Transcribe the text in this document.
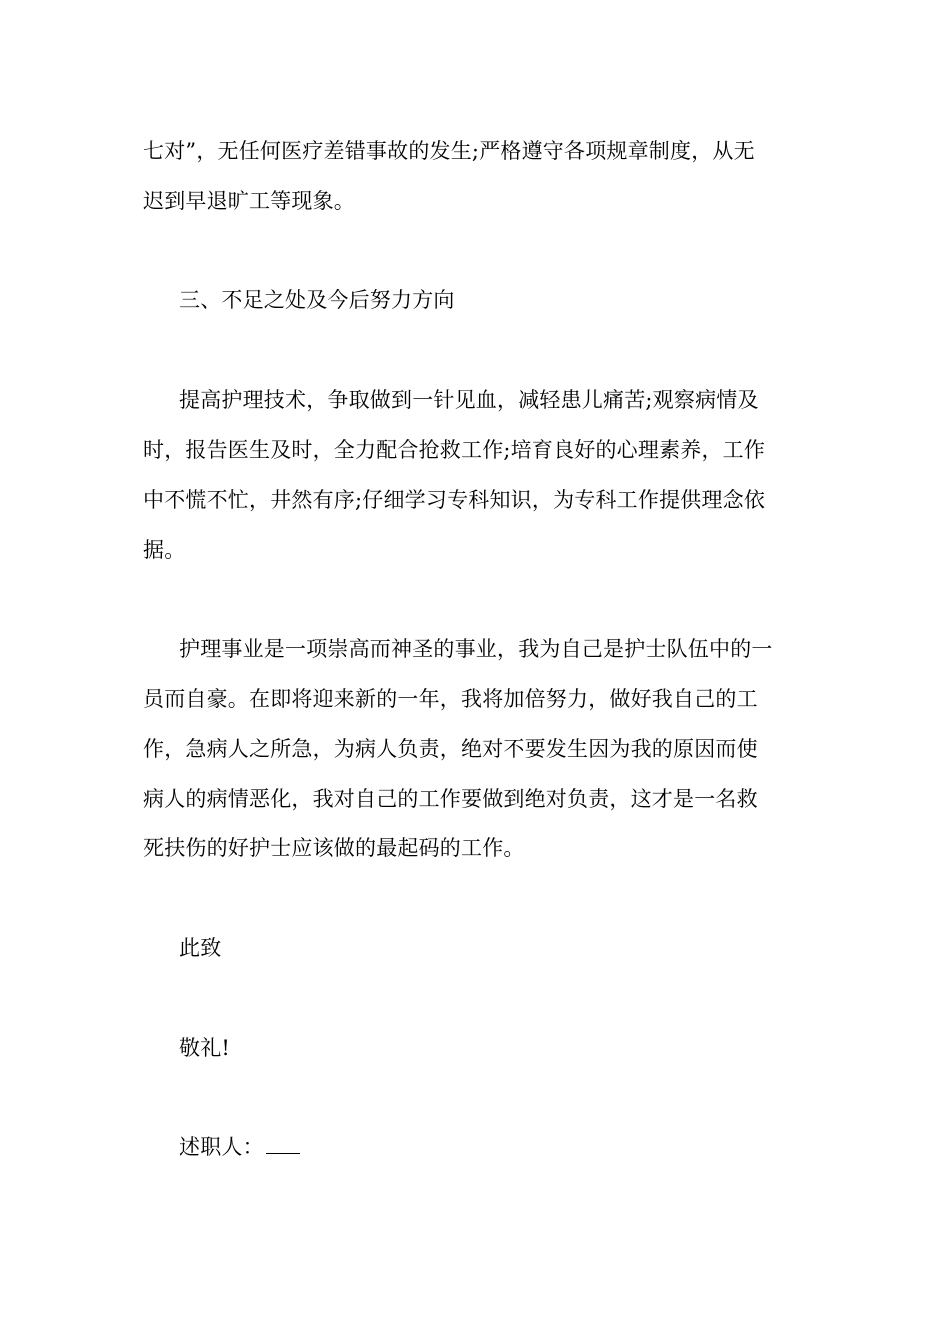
七对”，无任何医疗差错事故的发生;严格遵守各项规章制度，从无
迟到早退旷工等现象。
三、不足之处及今后努力方向
提高护理技术，争取做到一针见血，减轻患儿痛苦;观察病情及
时，报告医生及时，全力配合抢救工作;培育良好的心理素养，工作
中不慌不忙，井然有序;仔细学习专科知识，为专科工作提供理念依
据。
护理事业是一项崇高而神圣的事业，我为自己是护士队伍中的一
员而自豪。在即将迎来新的一年，我将加倍努力，做好我自己的工
作，急病人之所急，为病人负责，绝对不要发生因为我的原因而使
病人的病情恶化，我对自己的工作要做到绝对负责，这才是一名救
死扶伤的好护士应该做的最起码的工作。
此致
敬礼!
述职人：
